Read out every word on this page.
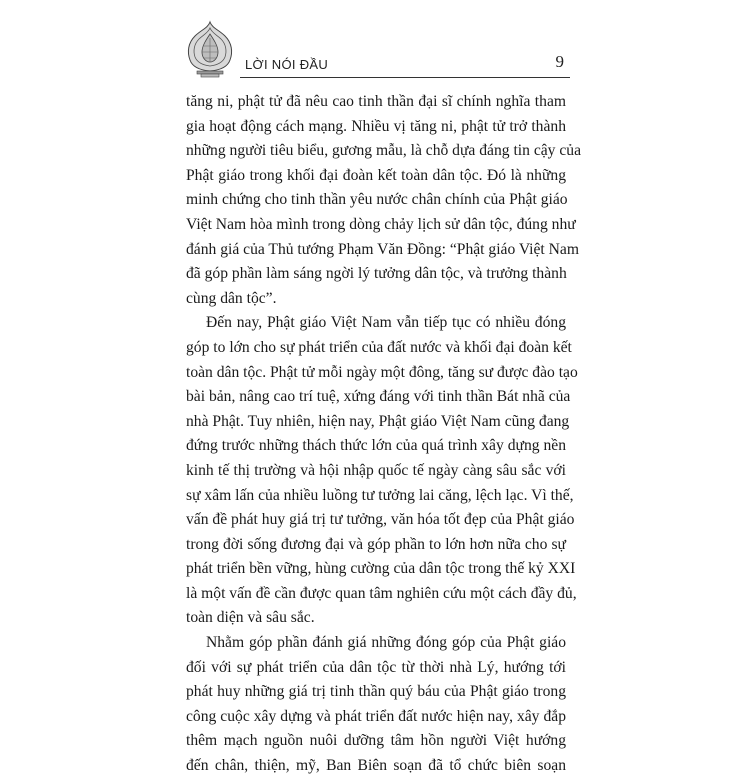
LỜI NÓI ĐẦU	9

tăng ni, phật tử đã nêu cao tinh thần đại sĩ chính nghĩa tham
gia hoạt động cách mạng. Nhiều vị tăng ni, phật tử trở thành
những người tiêu biểu, gương mẫu, là chỗ dựa đáng tin cậy của
Phật giáo trong khối đại đoàn kết toàn dân tộc. Đó là những
minh chứng cho tinh thần yêu nước chân chính của Phật giáo
Việt Nam hòa mình trong dòng chảy lịch sử dân tộc, đúng như
đánh giá của Thủ tướng Phạm Văn Đồng: “Phật giáo Việt Nam
đã góp phần làm sáng ngời lý tưởng dân tộc, và trưởng thành
cùng dân tộc”.

Đến nay, Phật giáo Việt Nam vẫn tiếp tục có nhiều đóng
góp to lớn cho sự phát triển của đất nước và khối đại đoàn kết
toàn dân tộc. Phật tử mỗi ngày một đông, tăng sư được đào tạo
bài bản, nâng cao trí tuệ, xứng đáng với tinh thần Bát nhã của
nhà Phật. Tuy nhiên, hiện nay, Phật giáo Việt Nam cũng đang
đứng trước những thách thức lớn của quá trình xây dựng nền
kinh tế thị trường và hội nhập quốc tế ngày càng sâu sắc với
sự xâm lấn của nhiều luồng tư tưởng lai căng, lệch lạc. Vì thế,
vấn đề phát huy giá trị tư tưởng, văn hóa tốt đẹp của Phật giáo
trong đời sống đương đại và góp phần to lớn hơn nữa cho sự
phát triển bền vững, hùng cường của dân tộc trong thế kỷ XXI
là một vấn đề cần được quan tâm nghiên cứu một cách đầy đủ,
toàn diện và sâu sắc.

Nhằm góp phần đánh giá những đóng góp của Phật giáo
đối với sự phát triển của dân tộc từ thời nhà Lý, hướng tới
phát huy những giá trị tinh thần quý báu của Phật giáo trong
công cuộc xây dựng và phát triển đất nước hiện nay, xây đắp
thêm mạch nguồn nuôi dưỡng tâm hồn người Việt hướng
đến chân, thiện, mỹ, Ban Biên soạn đã tổ chức biên soạn
